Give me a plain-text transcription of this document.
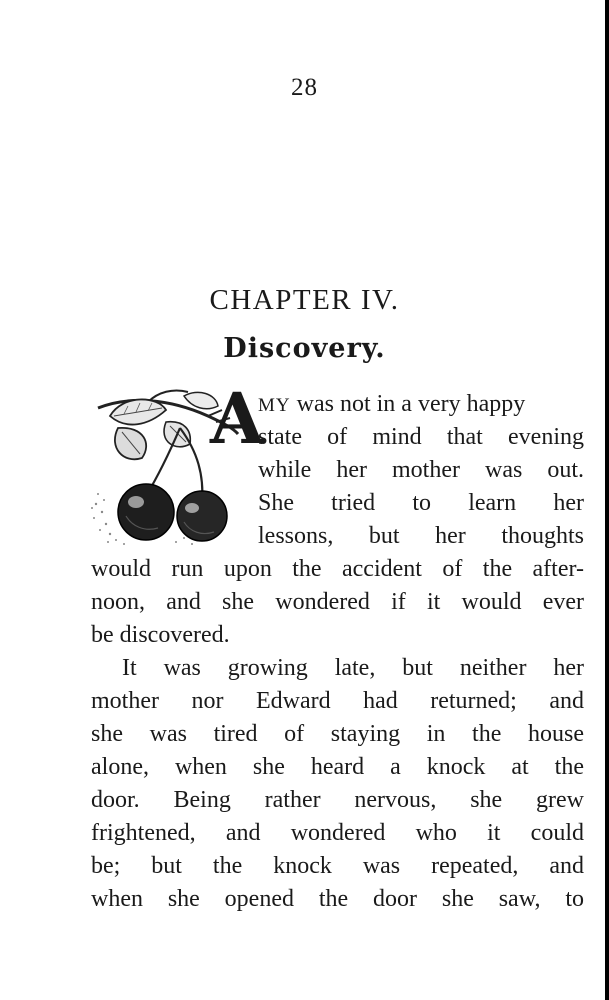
28
CHAPTER IV.
Discovery.
A
MY was not in a very happy
state of mind that evening
while her mother was out.
She tried to learn her
lessons, but her thoughts
would run upon the accident of the after-
noon, and she wondered if it would ever
be discovered.
It was growing late, but neither her
mother nor Edward had returned; and
she was tired of staying in the house
alone, when she heard a knock at the
door. Being rather nervous, she grew
frightened, and wondered who it could
be; but the knock was repeated, and
when she opened the door she saw, to
